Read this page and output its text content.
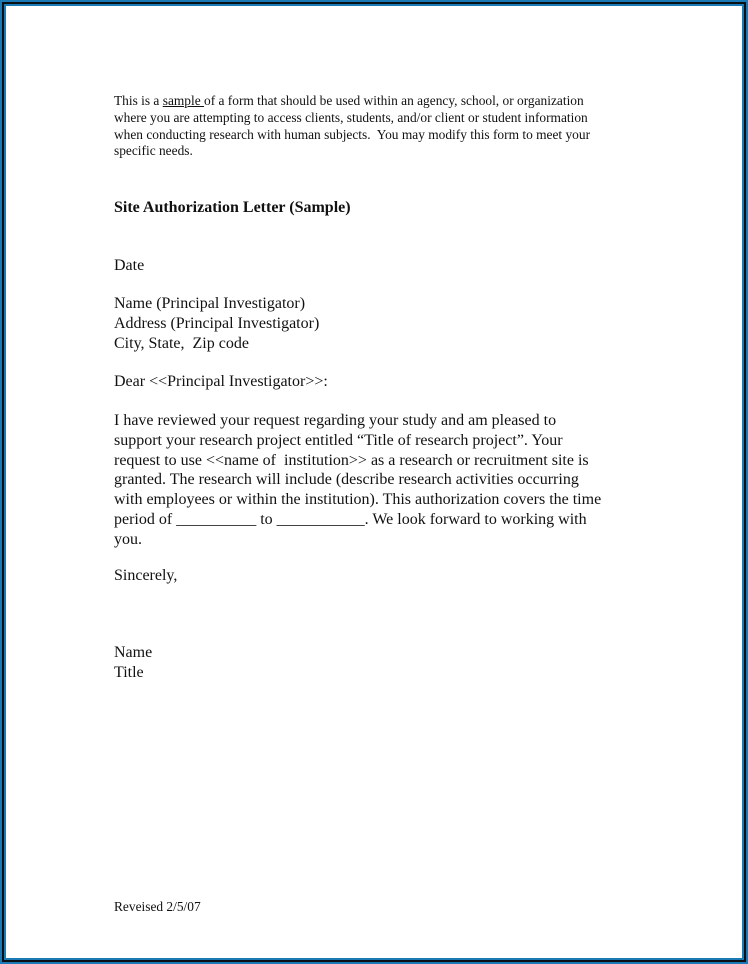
This is a sample of a form that should be used within an agency, school, or organization
where you are attempting to access clients, students, and/or client or student information
when conducting research with human subjects.  You may modify this form to meet your
specific needs.
Site Authorization Letter (Sample)
Date
Name (Principal Investigator)
Address (Principal Investigator)
City, State,  Zip code
Dear <<Principal Investigator>>:
I have reviewed your request regarding your study and am pleased to
support your research project entitled “Title of research project”. Your
request to use <<name of  institution>> as a research or recruitment site is
granted. The research will include (describe research activities occurring
with employees or within the institution). This authorization covers the time
period of __________ to ___________. We look forward to working with
you.
Sincerely,
Name
Title
Reveised 2/5/07
